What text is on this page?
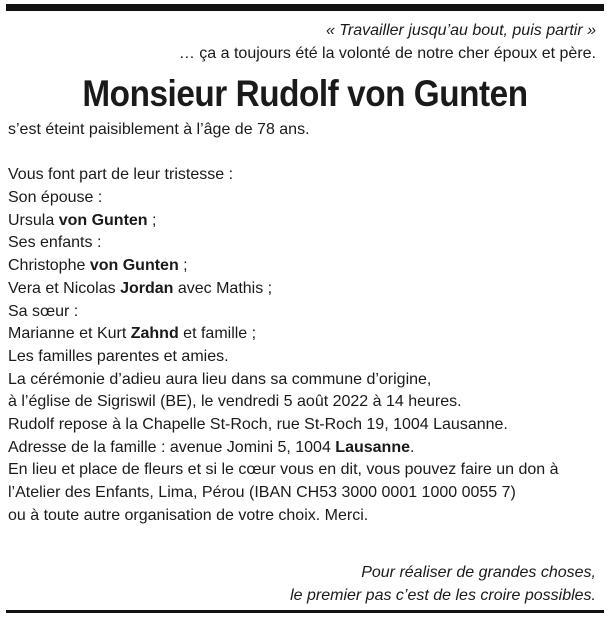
« Travailler jusqu’au bout, puis partir »
… ça a toujours été la volonté de notre cher époux et père.
Monsieur Rudolf von Gunten
s’est éteint paisiblement à l’âge de 78 ans.
Vous font part de leur tristesse :
Son épouse :
Ursula von Gunten ;
Ses enfants :
Christophe von Gunten ;
Vera et Nicolas Jordan avec Mathis ;
Sa sœur :
Marianne et Kurt Zahnd et famille ;
Les familles parentes et amies.
La cérémonie d’adieu aura lieu dans sa commune d’origine,
à l’église de Sigriswil (BE), le vendredi 5 août 2022 à 14 heures.
Rudolf repose à la Chapelle St-Roch, rue St-Roch 19, 1004 Lausanne.
Adresse de la famille : avenue Jomini 5, 1004 Lausanne.
En lieu et place de fleurs et si le cœur vous en dit, vous pouvez faire un don à
l’Atelier des Enfants, Lima, Pérou (IBAN CH53 3000 0001 1000 0055 7)
ou à toute autre organisation de votre choix. Merci.
Pour réaliser de grandes choses,
le premier pas c’est de les croire possibles.
